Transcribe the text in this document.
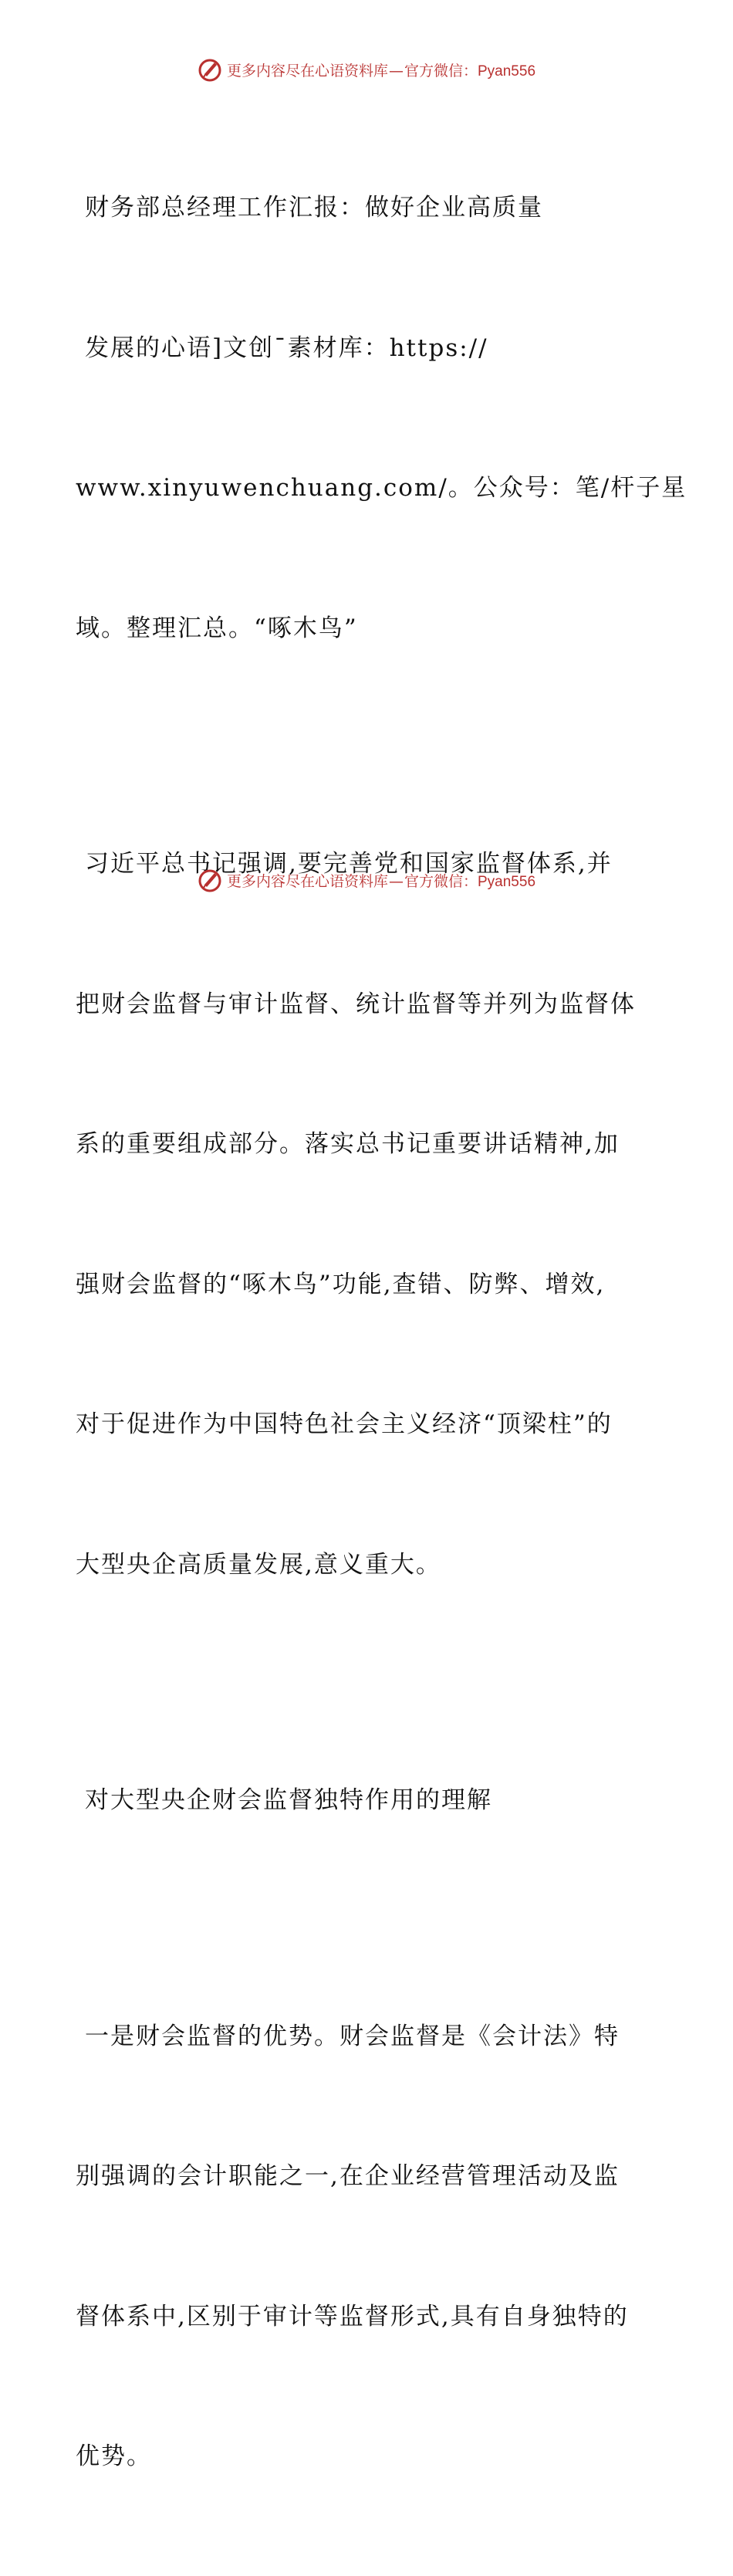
更多内容尽在心语资料库—官方微信：Pyan556

财务部总经理工作汇报：做好企业高质量

发展的心语]文创¯素材库：https://

www.xinyuwenchuang.com/。公众号：笔/杆子星

域。整理汇总。“啄木鸟”

习近平总书记强调,要完善党和国家监督体系,并

把财会监督与审计监督、统计监督等并列为监督体

系的重要组成部分。落实总书记重要讲话精神,加

强财会监督的“啄木鸟”功能,查错、防弊、增效,

对于促进作为中国特色社会主义经济“顶梁柱”的

大型央企高质量发展,意义重大。

对大型央企财会监督独特作用的理解

一是财会监督的优势。财会监督是《会计法》特

别强调的会计职能之一,在企业经营管理活动及监

督体系中,区别于审计等监督形式,具有自身独特的

优势。

更多内容尽在心语资料库—官方微信：Pyan556
